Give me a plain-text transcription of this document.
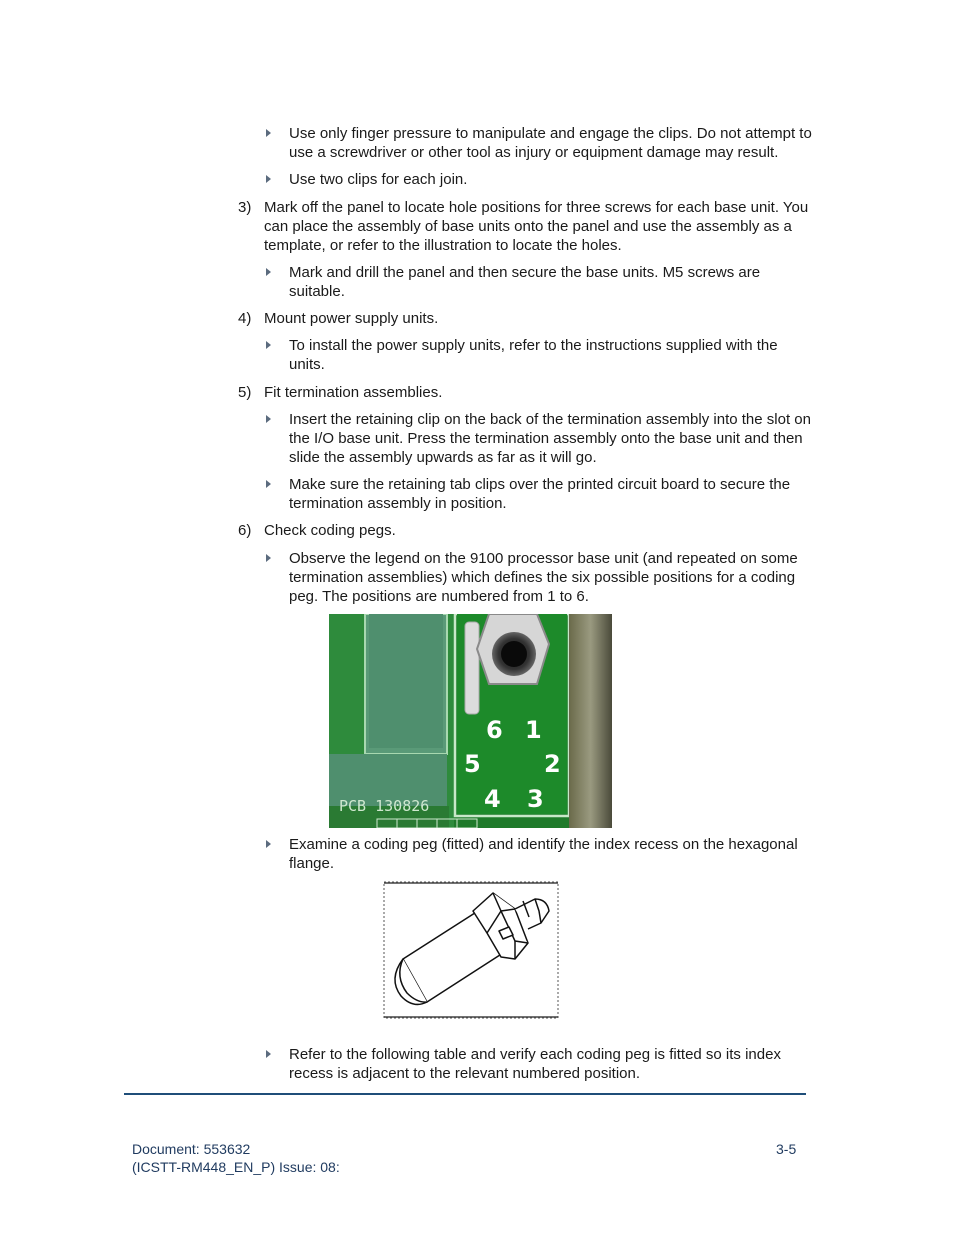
Use only finger pressure to manipulate and engage the clips. Do not attempt to use a screwdriver or other tool as injury or equipment damage may result.
Use two clips for each join.
3) Mark off the panel to locate hole positions for three screws for each base unit. You can place the assembly of base units onto the panel and use the assembly as a template, or refer to the illustration to locate the holes.
Mark and drill the panel and then secure the base units. M5 screws are suitable.
4) Mount power supply units.
To install the power supply units, refer to the instructions supplied with the units.
5) Fit termination assemblies.
Insert the retaining clip on the back of the termination assembly into the slot on the I/O base unit. Press the termination assembly onto the base unit and then slide the assembly upwards as far as it will go.
Make sure the retaining tab clips over the printed circuit board to secure the termination assembly in position.
6) Check coding pegs.
Observe the legend on the 9100 processor base unit (and repeated on some termination assemblies) which defines the six possible positions for a coding peg. The positions are numbered from 1 to 6.
6 1
5	2
4 3
PCB 130826
Examine a coding peg (fitted) and identify the index recess on the hexagonal flange.
Refer to the following table and verify each coding peg is fitted so its index recess is adjacent to the relevant numbered position.
Document: 553632
(ICSTT-RM448_EN_P) Issue: 08:
3-5
